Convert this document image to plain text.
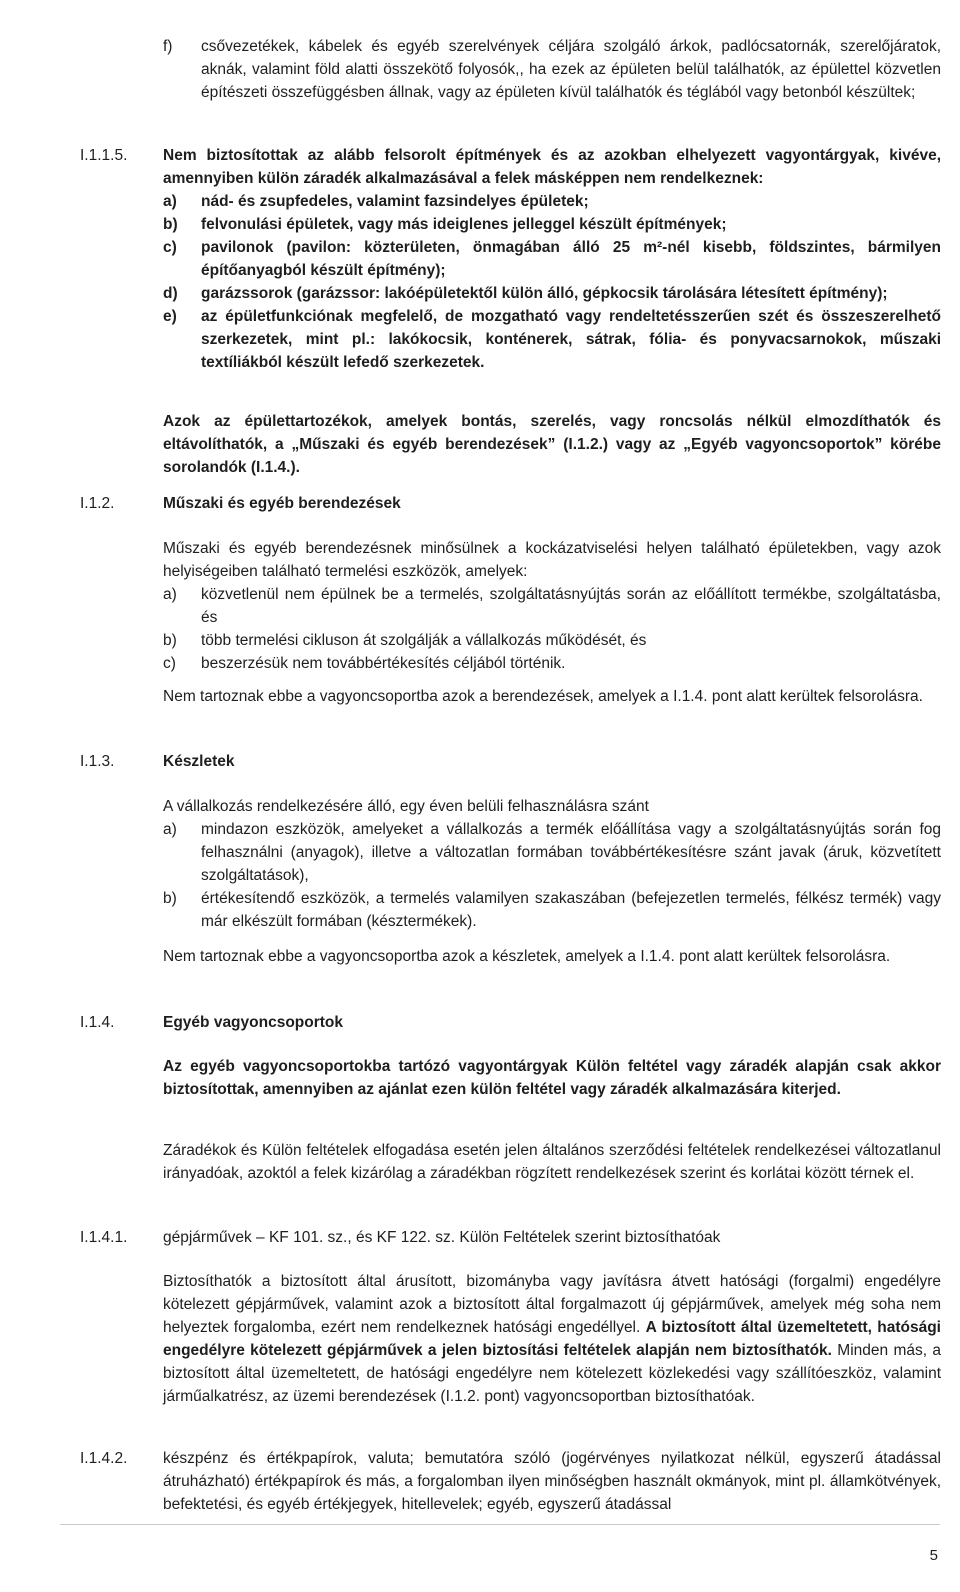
f)	csővezetékek, kábelek és egyéb szerelvények céljára szolgáló árkok, padlócsatornák, szerelőjáratok, aknák, valamint föld alatti összekötő folyosók,, ha ezek az épületen belül találhatók, az épülettel közvetlen építészeti összefüggésben állnak, vagy az épületen kívül találhatók és téglából vagy betonból készültek;
I.1.1.5.	Nem biztosítottak az alább felsorolt építmények és az azokban elhelyezett vagyontárgyak, kivéve, amennyiben külön záradék alkalmazásával a felek másképpen nem rendelkeznek:

a)	nád- és zsupfedeles, valamint fazsindelyes épületek;
b)	felvonulási épületek, vagy más ideiglenes jelleggel készült építmények;
c)	pavilonok (pavilon: közterületen, önmagában álló 25 m²-nél kisebb, földszintes, bármilyen építőanyagból készült építmény);
d)	garázssorok (garázssor: lakóépületektől külön álló, gépkocsik tárolására létesített építmény);
e)	az épületfunkciónak megfelelő, de mozgatható vagy rendeltetésszerűen szét és összeszerelhető szerkezetek, mint pl.: lakókocsik, konténerek, sátrak, fólia- és ponyvacsarnokok, műszaki textíliákból készült lefedő szerkezetek.
Azok az épülettartozékok, amelyek bontás, szerelés, vagy roncsolás nélkül elmozdíthatók és eltávolíthatók, a „Műszaki és egyéb berendezések” (I.1.2.) vagy az „Egyéb vagyoncsoportok” körébe sorolandók (I.1.4.).
I.1.2.	Műszaki és egyéb berendezések

Műszaki és egyéb berendezésnek minősülnek a kockázatviselési helyen található épületekben, vagy azok helyiségeiben található termelési eszközök, amelyek:

a)	közvetlenül nem épülnek be a termelés, szolgáltatásnyújtás során az előállított termékbe, szolgáltatásba, és
b)	több termelési cikluson át szolgálják a vállalkozás működését, és
c)	beszerzésük nem továbbértékesítés céljából történik.
Nem tartoznak ebbe a vagyoncsoportba azok a berendezések, amelyek a I.1.4. pont alatt kerültek felsorolásra.
I.1.3.	Készletek

A vállalkozás rendelkezésére álló, egy éven belüli felhasználásra szánt

a)	mindazon eszközök, amelyeket a vállalkozás a termék előállítása vagy a szolgáltatásnyújtás során fog felhasználni (anyagok), illetve a változatlan formában továbbértékesítésre szánt javak (áruk, közvetített szolgáltatások),
b)	értékesítendő eszközök, a termelés valamilyen szakaszában (befejezetlen termelés, félkész termék) vagy már elkészült formában (késztermékek).
Nem tartoznak ebbe a vagyoncsoportba azok a készletek, amelyek a I.1.4. pont alatt kerültek felsorolásra.
I.1.4.	Egyéb vagyoncsoportok
Az egyéb vagyoncsoportokba tartózó vagyontárgyak Külön feltétel vagy záradék alapján csak akkor biztosítottak, amennyiben az ajánlat ezen külön feltétel vagy záradék alkalmazására kiterjed.
Záradékok és Külön feltételek elfogadása esetén jelen általános szerződési feltételek rendelkezései változatlanul irányadóak, azoktól a felek kizárólag a záradékban rögzített rendelkezések szerint és korlátai között térnek el.
I.1.4.1.	gépjárművek – KF 101. sz., és KF 122. sz. Külön Feltételek szerint biztosíthatóak
Biztosíthatók a biztosított által árusított, bizományba vagy javításra átvett hatósági (forgalmi) engedélyre kötelezett gépjárművek, valamint azok a biztosított által forgalmazott új gépjárművek, amelyek még soha nem helyeztek forgalomba, ezért nem rendelkeznek hatósági engedéllyel. A biztosított által üzemeltetett, hatósági engedélyre kötelezett gépjárművek a jelen biztosítási feltételek alapján nem biztosíthatók. Minden más, a biztosított által üzemeltetett, de hatósági engedélyre nem kötelezett közlekedési vagy szállítóeszköz, valamint járműalkatrész, az üzemi berendezések (I.1.2. pont) vagyoncsoportban biztosíthatóak.
I.1.4.2.	készpénz és értékpapírok, valuta; bemutatóra szóló (jogérvényes nyilatkozat nélkül, egyszerű átadással átruházható) értékpapírok és más, a forgalomban ilyen minőségben használt okmányok, mint pl. államkötvények, befektetési, és egyéb értékjegyek, hitellevelek; egyéb, egyszerű átadással
5
